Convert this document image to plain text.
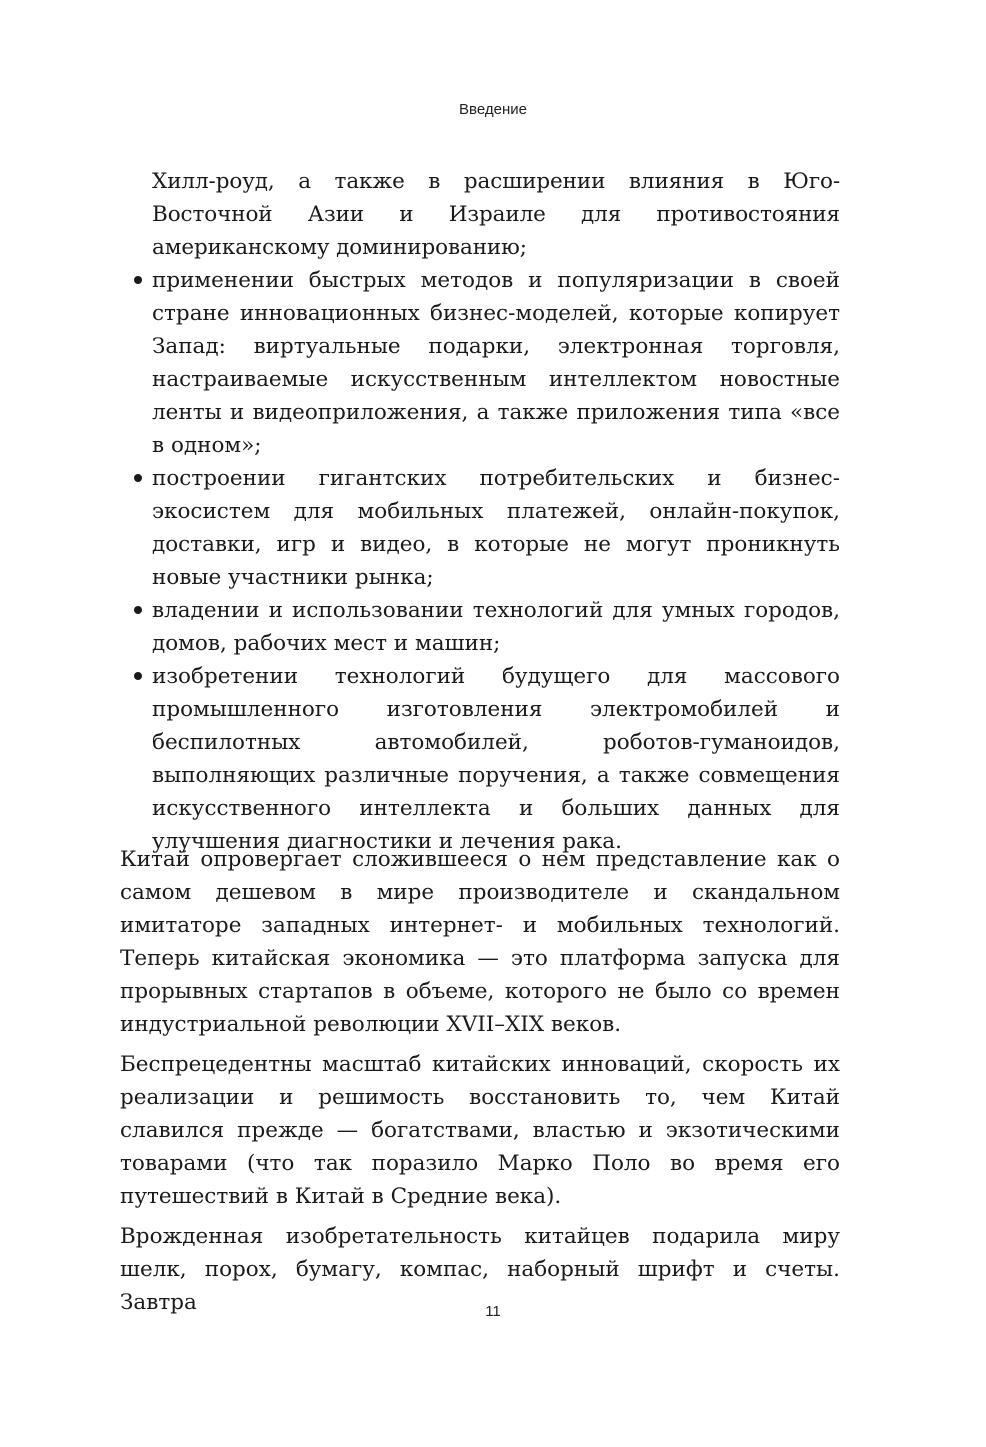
Введение
Хилл-роуд, а также в расширении влияния в Юго-Восточной Азии и Израиле для противостояния американскому доминированию;
применении быстрых методов и популяризации в своей стране инновационных бизнес-моделей, которые копирует Запад: виртуальные подарки, электронная торговля, настраиваемые искусственным интеллектом новостные ленты и видеоприложения, а также приложения типа «все в одном»;
построении гигантских потребительских и бизнес-экосистем для мобильных платежей, онлайн-покупок, доставки, игр и видео, в которые не могут проникнуть новые участники рынка;
владении и использовании технологий для умных городов, домов, рабочих мест и машин;
изобретении технологий будущего для массового промышленного изготовления электромобилей и беспилотных автомобилей, роботов-гуманоидов, выполняющих различные поручения, а также совмещения искусственного интеллекта и больших данных для улучшения диагностики и лечения рака.

Китай опровергает сложившееся о нем представление как о самом дешевом в мире производителе и скандальном имитаторе западных интернет- и мобильных технологий. Теперь китайская экономика — это платформа запуска для прорывных стартапов в объеме, которого не было со времен индустриальной революции XVII–XIX веков.

Беспрецедентны масштаб китайских инноваций, скорость их реализации и решимость восстановить то, чем Китай славился прежде — богатствами, властью и экзотическими товарами (что так поразило Марко Поло во время его путешествий в Китай в Средние века).

Врожденная изобретательность китайцев подарила миру шелк, порох, бумагу, компас, наборный шрифт и счеты. Завтра	11
